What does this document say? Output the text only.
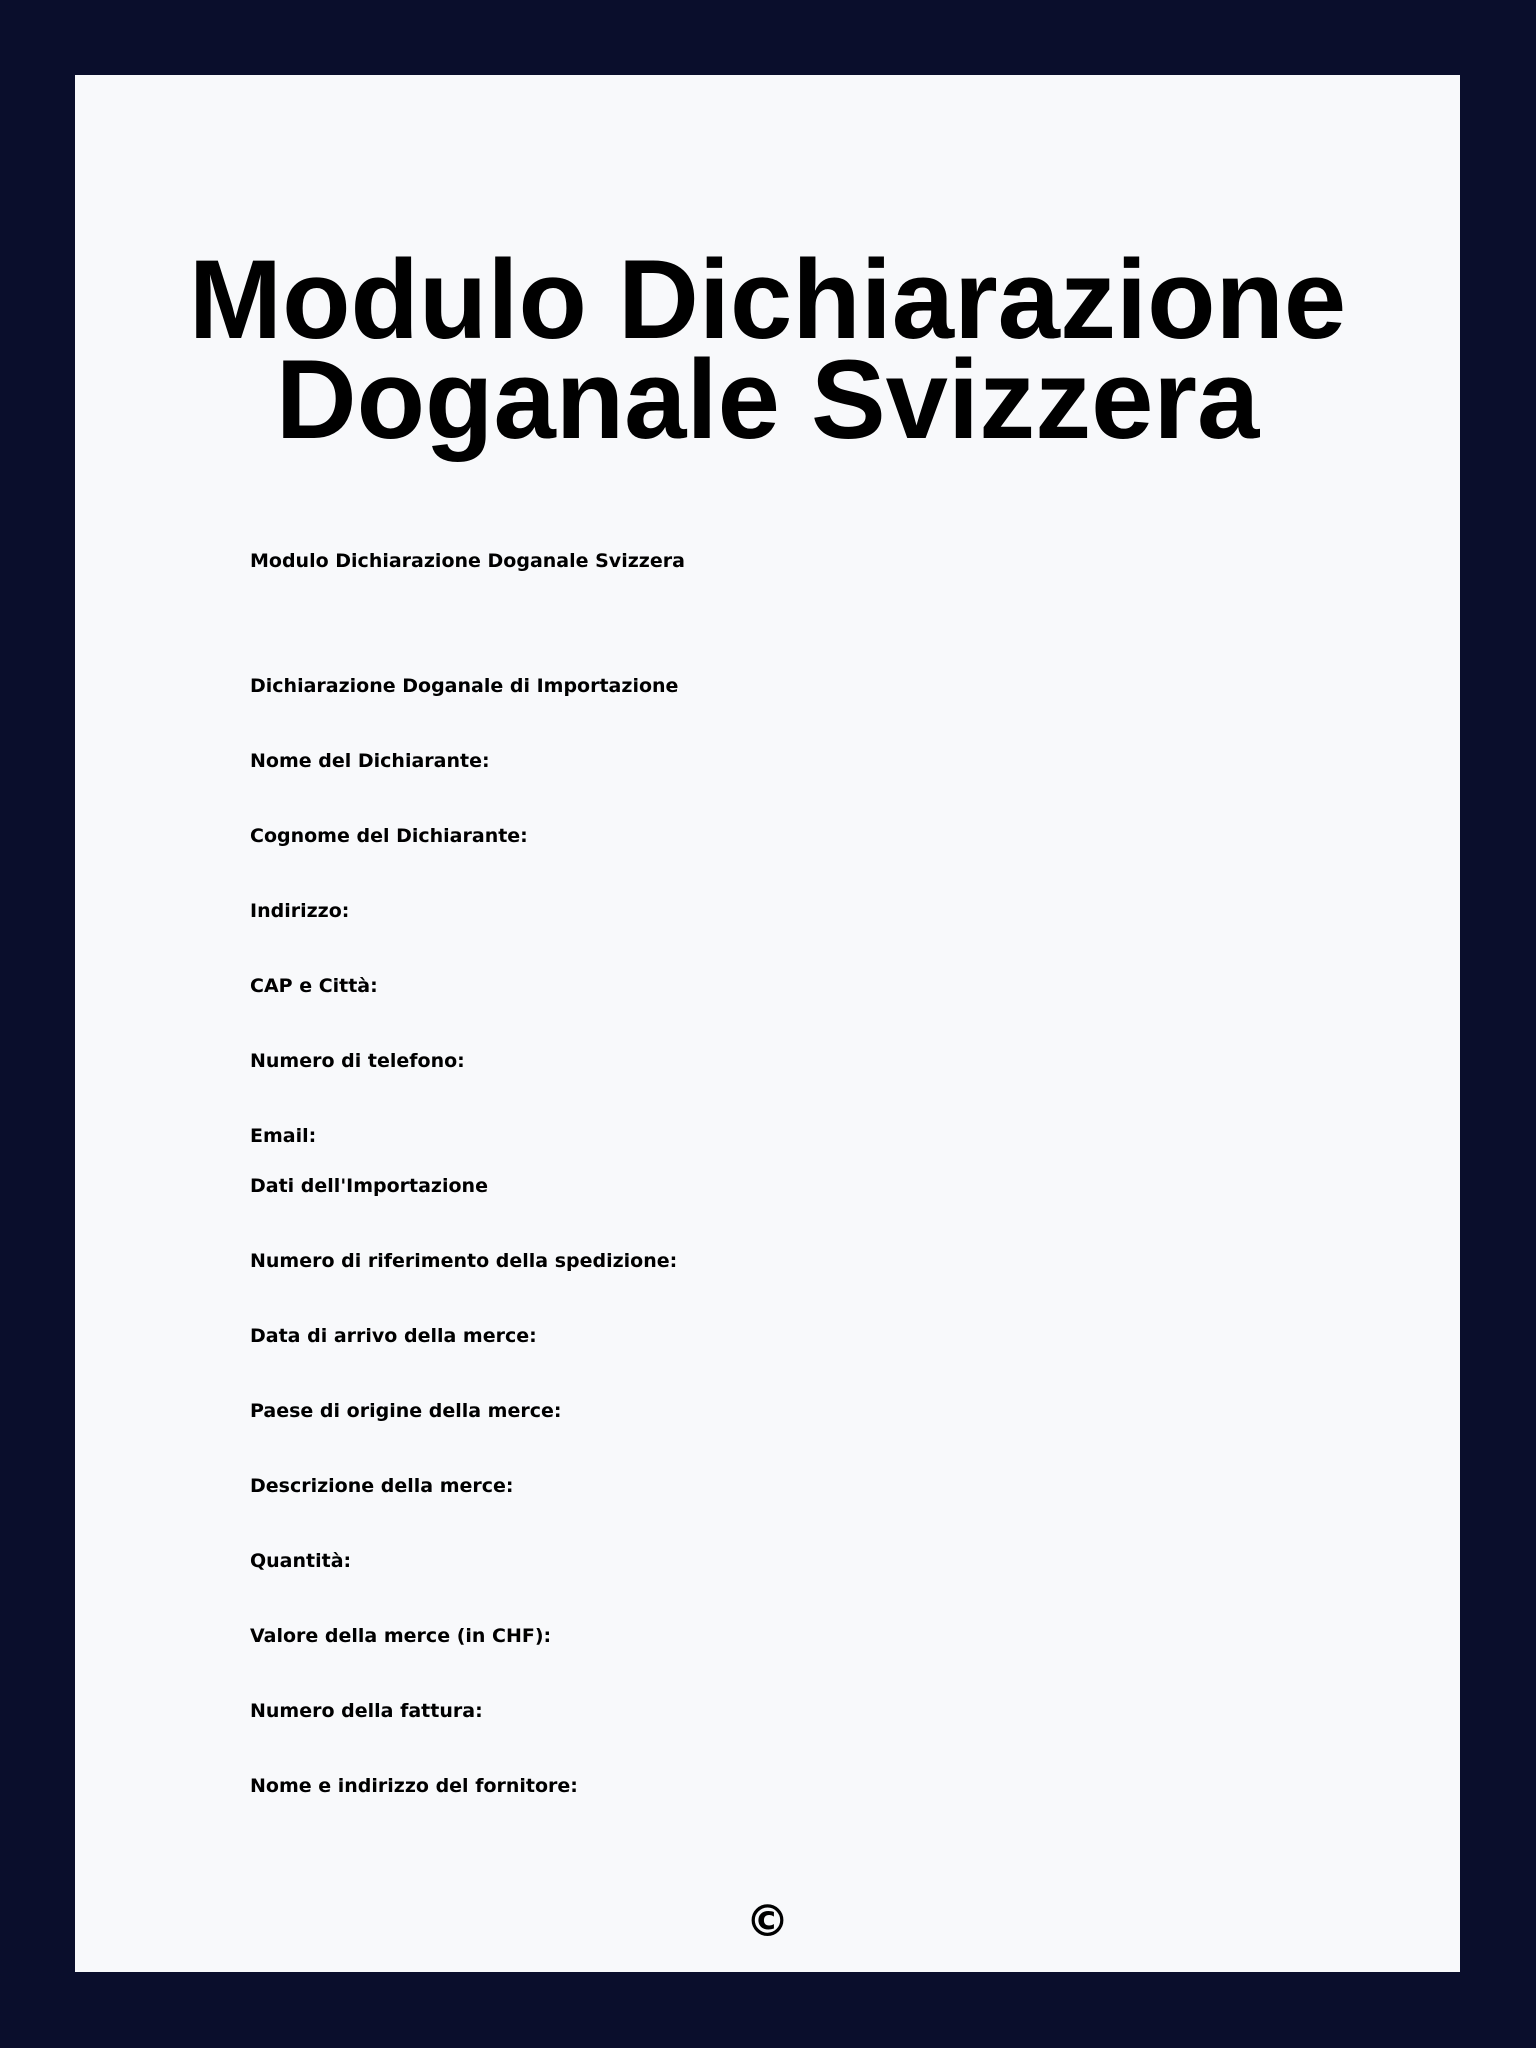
Modulo Dichiarazione
Doganale Svizzera

Modulo Dichiarazione Doganale Svizzera

Dichiarazione Doganale di Importazione

Nome del Dichiarante:

Cognome del Dichiarante:

Indirizzo:

CAP e Città:

Numero di telefono:

Email:

Dati dell'Importazione

Numero di riferimento della spedizione:

Data di arrivo della merce:

Paese di origine della merce:

Descrizione della merce:

Quantità:

Valore della merce (in CHF):

Numero della fattura:

Nome e indirizzo del fornitore:

©
